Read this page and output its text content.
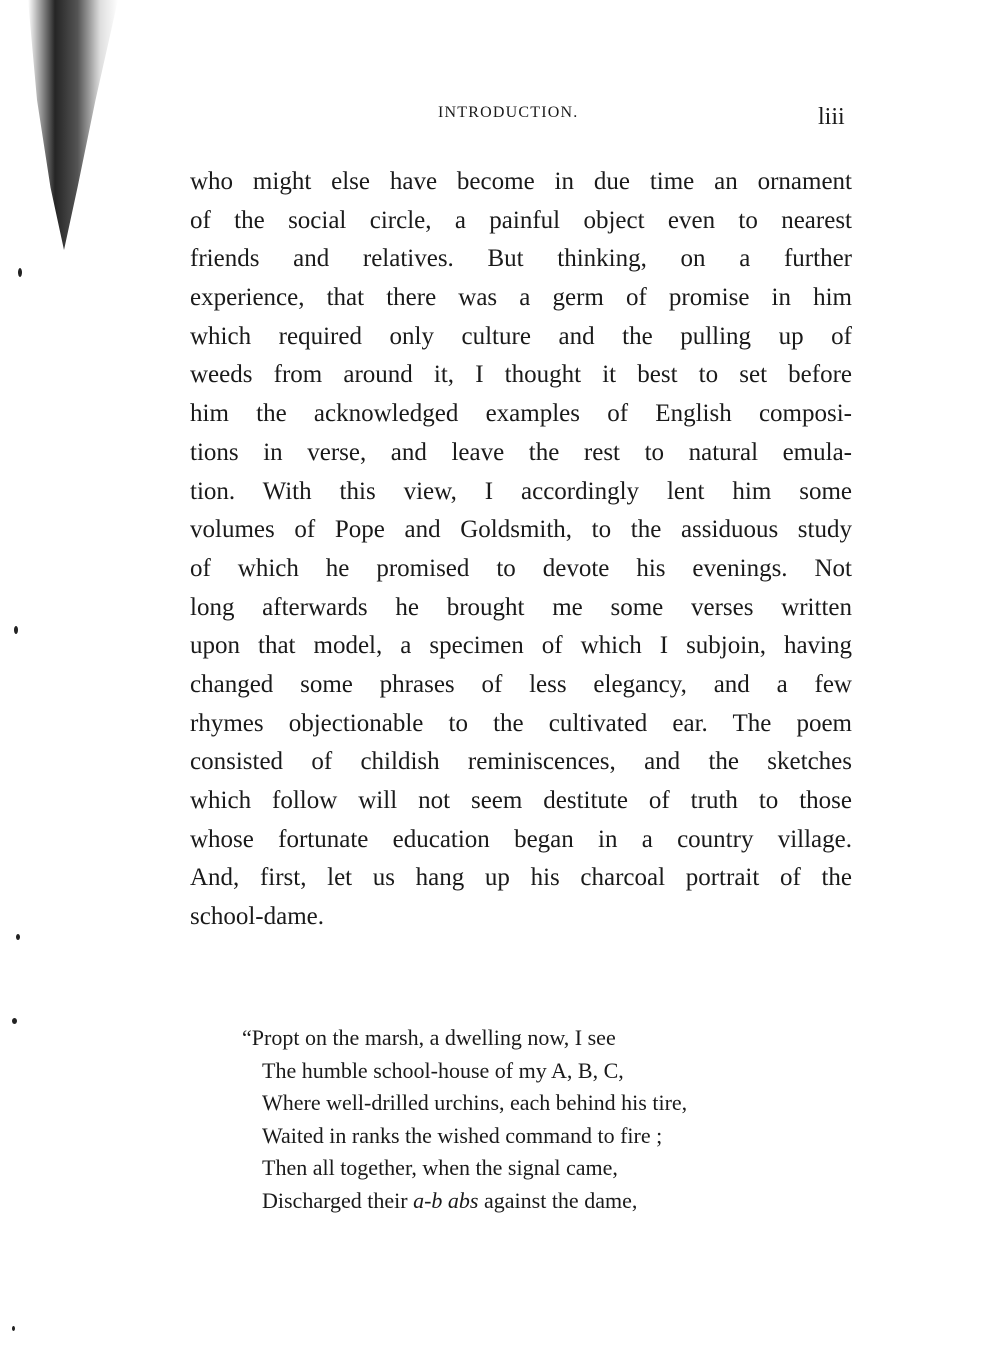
INTRODUCTION.	liii
who might else have become in due time an ornament
of the social circle, a painful object even to nearest
friends and relatives. But thinking, on a further
experience, that there was a germ of promise in him
which required only culture and the pulling up of
weeds from around it, I thought it best to set before
him the acknowledged examples of English composi-
tions in verse, and leave the rest to natural emula-
tion. With this view, I accordingly lent him some
volumes of Pope and Goldsmith, to the assiduous study
of which he promised to devote his evenings. Not
long afterwards he brought me some verses written
upon that model, a specimen of which I subjoin, having
changed some phrases of less elegancy, and a few
rhymes objectionable to the cultivated ear. The poem
consisted of childish reminiscences, and the sketches
which follow will not seem destitute of truth to those
whose fortunate education began in a country village.
And, first, let us hang up his charcoal portrait of the
school-dame.
“Propt on the marsh, a dwelling now, I see
The humble school-house of my A, B, C,
Where well-drilled urchins, each behind his tire,
Waited in ranks the wished command to fire ;
Then all together, when the signal came,
Discharged their a-b abs against the dame,
